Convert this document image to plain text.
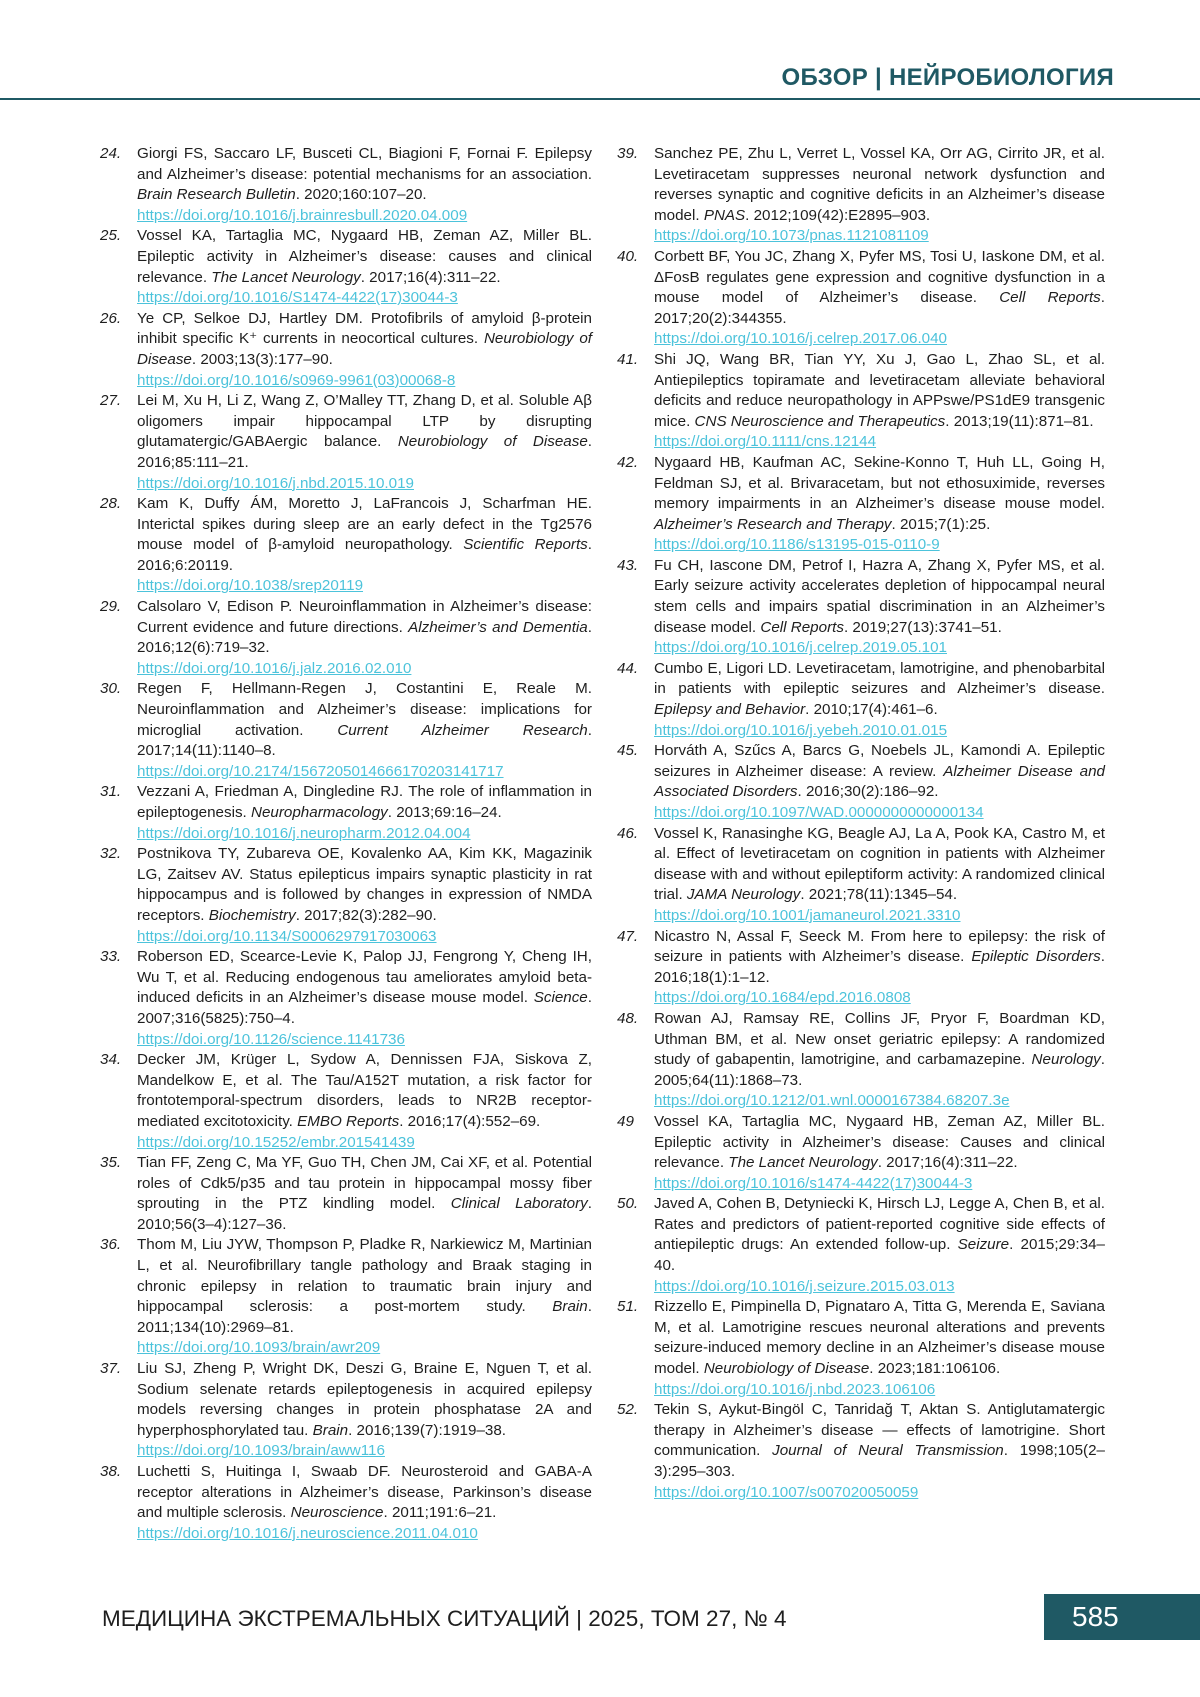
ОБЗОР | НЕЙРОБИОЛОГИЯ
24.	Giorgi FS, Saccaro LF, Busceti CL, Biagioni F, Fornai F. Epilepsy and Alzheimer’s disease: potential mechanisms for an association. Brain Research Bulletin. 2020;160:107–20.
https://doi.org/10.1016/j.brainresbull.2020.04.009
25.	Vossel KA, Tartaglia MC, Nygaard HB, Zeman AZ, Miller BL. Epileptic activity in Alzheimer’s disease: causes and clinical relevance. The Lancet Neurology. 2017;16(4):311–22.
https://doi.org/10.1016/S1474-4422(17)30044-3
26.	Ye CP, Selkoe DJ, Hartley DM. Protofibrils of amyloid β-protein inhibit specific K⁺ currents in neocortical cultures. Neurobiology of Disease. 2003;13(3):177–90.
https://doi.org/10.1016/s0969-9961(03)00068-8
27.	Lei M, Xu H, Li Z, Wang Z, O’Malley TT, Zhang D, et al. Soluble Aβ oligomers impair hippocampal LTP by disrupting glutamatergic/GABAergic balance. Neurobiology of Disease. 2016;85:111–21.
https://doi.org/10.1016/j.nbd.2015.10.019
28.	Kam K, Duffy ÁM, Moretto J, LaFrancois J, Scharfman HE. Interictal spikes during sleep are an early defect in the Tg2576 mouse model of β-amyloid neuropathology. Scientific Reports. 2016;6:20119.
https://doi.org/10.1038/srep20119
29.	Calsolaro V, Edison P. Neuroinflammation in Alzheimer’s disease: Current evidence and future directions. Alzheimer’s and Dementia. 2016;12(6):719–32.
https://doi.org/10.1016/j.jalz.2016.02.010
30.	Regen F, Hellmann-Regen J, Costantini E, Reale M. Neuroinflammation and Alzheimer’s disease: implications for microglial activation. Current Alzheimer Research. 2017;14(11):1140–8.
https://doi.org/10.2174/1567205014666170203141717
31.	Vezzani A, Friedman A, Dingledine RJ. The role of inflammation in epileptogenesis. Neuropharmacology. 2013;69:16–24.
https://doi.org/10.1016/j.neuropharm.2012.04.004
32.	Postnikova TY, Zubareva OE, Kovalenko AA, Kim KK, Magazinik LG, Zaitsev AV. Status epilepticus impairs synaptic plasticity in rat hippocampus and is followed by changes in expression of NMDA receptors. Biochemistry. 2017;82(3):282–90.
https://doi.org/10.1134/S0006297917030063
33.	Roberson ED, Scearce-Levie K, Palop JJ, Fengrong Y, Cheng IH, Wu T, et al. Reducing endogenous tau ameliorates amyloid beta-induced deficits in an Alzheimer’s disease mouse model. Science. 2007;316(5825):750–4.
https://doi.org/10.1126/science.1141736
34.	Decker JM, Krüger L, Sydow A, Dennissen FJA, Siskova Z, Mandelkow E, et al. The Tau/A152T mutation, a risk factor for frontotemporal-spectrum disorders, leads to NR2B receptor-mediated excitotoxicity. EMBO Reports. 2016;17(4):552–69.
https://doi.org/10.15252/embr.201541439
35.	Tian FF, Zeng C, Ma YF, Guo TH, Chen JM, Cai XF, et al. Potential roles of Cdk5/p35 and tau protein in hippocampal mossy fiber sprouting in the PTZ kindling model. Clinical Laboratory. 2010;56(3–4):127–36.
36.	Thom M, Liu JYW, Thompson P, Pladke R, Narkiewicz M, Martinian L, et al. Neurofibrillary tangle pathology and Braak staging in chronic epilepsy in relation to traumatic brain injury and hippocampal sclerosis: a post-mortem study. Brain. 2011;134(10):2969–81.
https://doi.org/10.1093/brain/awr209
37.	Liu SJ, Zheng P, Wright DK, Deszi G, Braine E, Nguen T, et al. Sodium selenate retards epileptogenesis in acquired epilepsy models reversing changes in protein phosphatase 2A and hyperphosphorylated tau. Brain. 2016;139(7):1919–38.
https://doi.org/10.1093/brain/aww116
38.	Luchetti S, Huitinga I, Swaab DF. Neurosteroid and GABA-A receptor alterations in Alzheimer’s disease, Parkinson’s disease and multiple sclerosis. Neuroscience. 2011;191:6–21.
https://doi.org/10.1016/j.neuroscience.2011.04.010
39.	Sanchez PE, Zhu L, Verret L, Vossel KA, Orr AG, Cirrito JR, et al. Levetiracetam suppresses neuronal network dysfunction and reverses synaptic and cognitive deficits in an Alzheimer’s disease model. PNAS. 2012;109(42):E2895–903.
https://doi.org/10.1073/pnas.1121081109
40.	Corbett BF, You JC, Zhang X, Pyfer MS, Tosi U, Iaskone DM, et al. ΔFosB regulates gene expression and cognitive dysfunction in a mouse model of Alzheimer’s disease. Cell Reports. 2017;20(2):344355.
https://doi.org/10.1016/j.celrep.2017.06.040
41.	Shi JQ, Wang BR, Tian YY, Xu J, Gao L, Zhao SL, et al. Antiepileptics topiramate and levetiracetam alleviate behavioral deficits and reduce neuropathology in APPswe/PS1dE9 transgenic mice. CNS Neuroscience and Therapeutics. 2013;19(11):871–81.
https://doi.org/10.1111/cns.12144
42.	Nygaard HB, Kaufman AC, Sekine-Konno T, Huh LL, Going H, Feldman SJ, et al. Brivaracetam, but not ethosuximide, reverses memory impairments in an Alzheimer’s disease mouse model. Alzheimer’s Research and Therapy. 2015;7(1):25.
https://doi.org/10.1186/s13195-015-0110-9
43.	Fu CH, Iascone DM, Petrof I, Hazra A, Zhang X, Pyfer MS, et al. Early seizure activity accelerates depletion of hippocampal neural stem cells and impairs spatial discrimination in an Alzheimer’s disease model. Cell Reports. 2019;27(13):3741–51.
https://doi.org/10.1016/j.celrep.2019.05.101
44.	Cumbo E, Ligori LD. Levetiracetam, lamotrigine, and phenobarbital in patients with epileptic seizures and Alzheimer’s disease. Epilepsy and Behavior. 2010;17(4):461–6.
https://doi.org/10.1016/j.yebeh.2010.01.015
45.	Horváth A, Szűcs A, Barcs G, Noebels JL, Kamondi A. Epileptic seizures in Alzheimer disease: A review. Alzheimer Disease and Associated Disorders. 2016;30(2):186–92.
https://doi.org/10.1097/WAD.0000000000000134
46.	Vossel K, Ranasinghe KG, Beagle AJ, La A, Pook KA, Castro M, et al. Effect of levetiracetam on cognition in patients with Alzheimer disease with and without epileptiform activity: A randomized clinical trial. JAMA Neurology. 2021;78(11):1345–54.
https://doi.org/10.1001/jamaneurol.2021.3310
47.	Nicastro N, Assal F, Seeck M. From here to epilepsy: the risk of seizure in patients with Alzheimer’s disease. Epileptic Disorders. 2016;18(1):1–12.
https://doi.org/10.1684/epd.2016.0808
48.	Rowan AJ, Ramsay RE, Collins JF, Pryor F, Boardman KD, Uthman BM, et al. New onset geriatric epilepsy: A randomized study of gabapentin, lamotrigine, and carbamazepine. Neurology. 2005;64(11):1868–73.
https://doi.org/10.1212/01.wnl.0000167384.68207.3e
49	Vossel KA, Tartaglia MC, Nygaard HB, Zeman AZ, Miller BL. Epileptic activity in Alzheimer’s disease: Causes and clinical relevance. The Lancet Neurology. 2017;16(4):311–22.
https://doi.org/10.1016/s1474-4422(17)30044-3
50.	Javed A, Cohen B, Detyniecki K, Hirsch LJ, Legge A, Chen B, et al. Rates and predictors of patient-reported cognitive side effects of antiepileptic drugs: An extended follow-up. Seizure. 2015;29:34–40.
https://doi.org/10.1016/j.seizure.2015.03.013
51.	Rizzello E, Pimpinella D, Pignataro A, Titta G, Merenda E, Saviana M, et al. Lamotrigine rescues neuronal alterations and prevents seizure-induced memory decline in an Alzheimer’s disease mouse model. Neurobiology of Disease. 2023;181:106106.
https://doi.org/10.1016/j.nbd.2023.106106
52.	Tekin S, Aykut-Bingöl C, Tanridağ T, Aktan S. Antiglutamatergic therapy in Alzheimer’s disease — effects of lamotrigine. Short communication. Journal of Neural Transmission. 1998;105(2–3):295–303.
https://doi.org/10.1007/s007020050059

МЕДИЦИНА ЭКСТРЕМАЛЬНЫХ СИТУАЦИЙ | 2025, ТОМ 27, № 4	585
